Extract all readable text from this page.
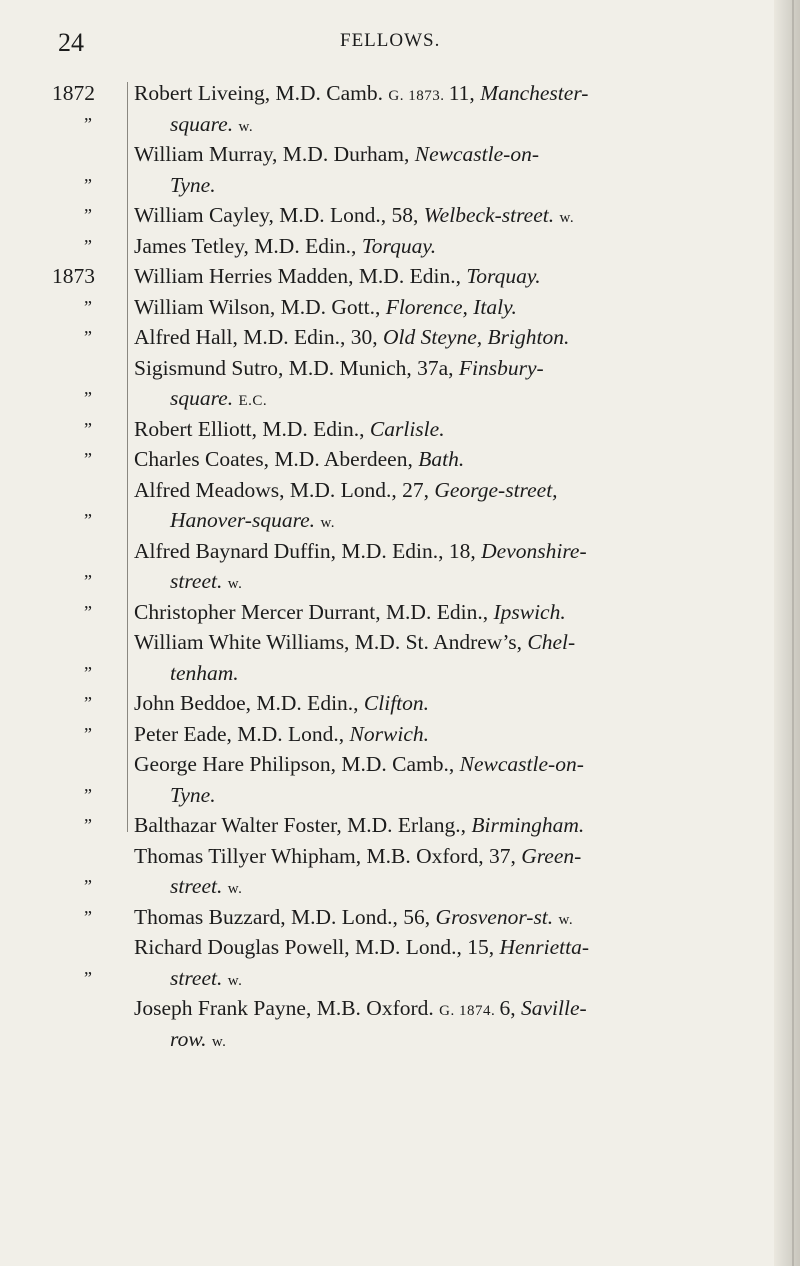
24	FELLOWS.
1872
”

”
”
”
1873
”
”

”
”
”

”

”
”

”
”
”

”
”

”
”

”

Robert Liveing, M.D. Camb. G. 1873. 11, Manchester-
square. w.
William Murray, M.D. Durham, Newcastle-on-
Tyne.
William Cayley, M.D. Lond., 58, Welbeck-street. w.
James Tetley, M.D. Edin., Torquay.
William Herries Madden, M.D. Edin., Torquay.
William Wilson, M.D. Gott., Florence, Italy.
Alfred Hall, M.D. Edin., 30, Old Steyne, Brighton.
Sigismund Sutro, M.D. Munich, 37a, Finsbury-
square. E.C.
Robert Elliott, M.D. Edin., Carlisle.
Charles Coates, M.D. Aberdeen, Bath.
Alfred Meadows, M.D. Lond., 27, George-street,
Hanover-square. w.
Alfred Baynard Duffin, M.D. Edin., 18, Devonshire-
street. w.
Christopher Mercer Durrant, M.D. Edin., Ipswich.
William White Williams, M.D. St. Andrew’s, Chel-
tenham.
John Beddoe, M.D. Edin., Clifton.
Peter Eade, M.D. Lond., Norwich.
George Hare Philipson, M.D. Camb., Newcastle-on-
Tyne.
Balthazar Walter Foster, M.D. Erlang., Birmingham.
Thomas Tillyer Whipham, M.B. Oxford, 37, Green-
street. w.
Thomas Buzzard, M.D. Lond., 56, Grosvenor-st. w.
Richard Douglas Powell, M.D. Lond., 15, Henrietta-
street. w.
Joseph Frank Payne, M.B. Oxford. G. 1874. 6, Saville-
row. w.
